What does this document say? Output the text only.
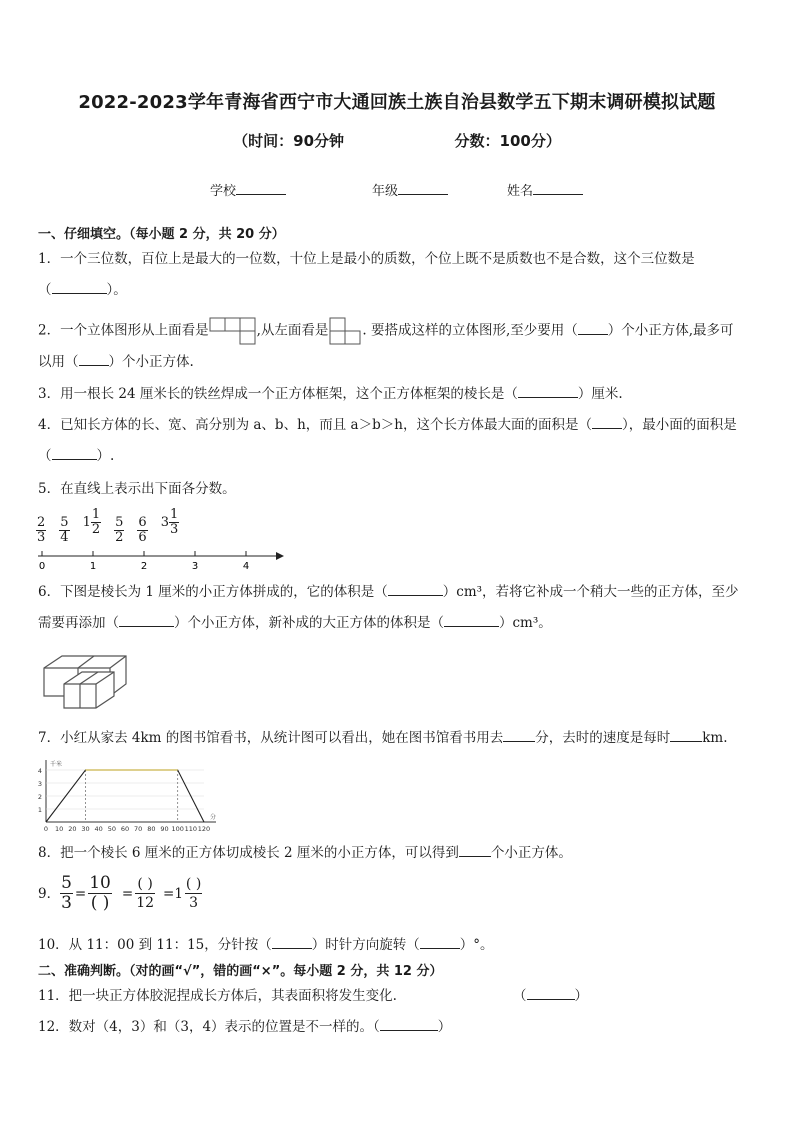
2022-2023学年青海省西宁市大通回族土族自治县数学五下期末调研模拟试题
（时间：90分钟	分数：100分）
学校	年级	姓名
一、仔细填空。（每小题 2 分，共 20 分）
1．一个三位数，百位上是最大的一位数，十位上是最小的质数，个位上既不是质数也不是合数，这个三位数是
（	）。
2．一个立体图形从上面看是	,从左面看是	. 要搭成这样的立体图形,至少要用（ ）个小正方体,最多可
以用（ ）个小正方体.
3．用一根长 24 厘米长的铁丝焊成一个正方体框架，这个正方体框架的棱长是（	）厘米.
4．已知长方体的长、宽、高分别为 a、b、h，而且 a＞b＞h，这个长方体最大面的面积是（ ），最小面的面积是
（	）.
5．在直线上表示出下面各分数。
$\frac{2}{3} \frac{5}{4} 1 \frac{1}{2} \frac{5}{2} \frac{6}{6} 3 \frac{1}{3}$
0	1	2	3	4
6．下图是棱长为 1 厘米的小正方体拼成的，它的体积是（	）cm³，若将它补成一个稍大一些的正方体，至少
需要再添加（	）个小正方体，新补成的大正方体的体积是（	）cm³。
7．小红从家去 4km 的图书馆看书，从统计图可以看出，她在图书馆看书用去 分，去时的速度是每时 km.
1
2
3
4
0 10 20 30 40 50 60 70 80 90 100 110 120
千米
分
8．把一个棱长 6 厘米的正方体切成棱长 2 厘米的小正方体，可以得到 个小正方体。
9． $\frac{5}{3} = \frac{10}{( )} = \frac{( )}{12} =1 \frac{( )}{3}$
10．从 11：00 到 11：15，分针按（	）时针方向旋转（	）°。
二、准确判断。（对的画“√”，错的画“×”。每小题 2 分，共 12 分）
11．把一块正方体胶泥捏成长方体后，其表面积将发生变化.	（	）
12．数对（4，3）和（3，4）表示的位置是不一样的。（	）
